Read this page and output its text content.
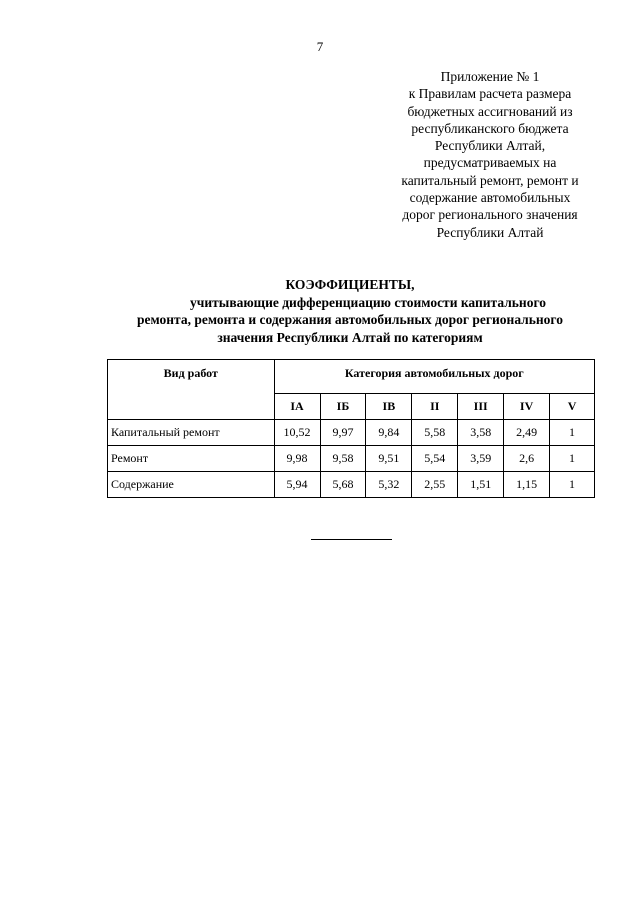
7
Приложение № 1
к Правилам расчета размера
бюджетных ассигнований из
республиканского бюджета
Республики Алтай,
предусматриваемых на
капитальный ремонт, ремонт и
содержание автомобильных
дорог регионального значения
Республики Алтай
КОЭФФИЦИЕНТЫ,
учитывающие дифференциацию стоимости капитального
ремонта, ремонта и содержания автомобильных дорог регионального
значения Республики Алтай по категориям
Вид работ	Категория автомобильных дорог						
	IA	IБ	IB	II	III	IV	V
Капитальный ремонт	10,52	9,97	9,84	5,58	3,58	2,49	1
Ремонт	9,98	9,58	9,51	5,54	3,59	2,6	1
Содержание	5,94	5,68	5,32	2,55	1,51	1,15	1
